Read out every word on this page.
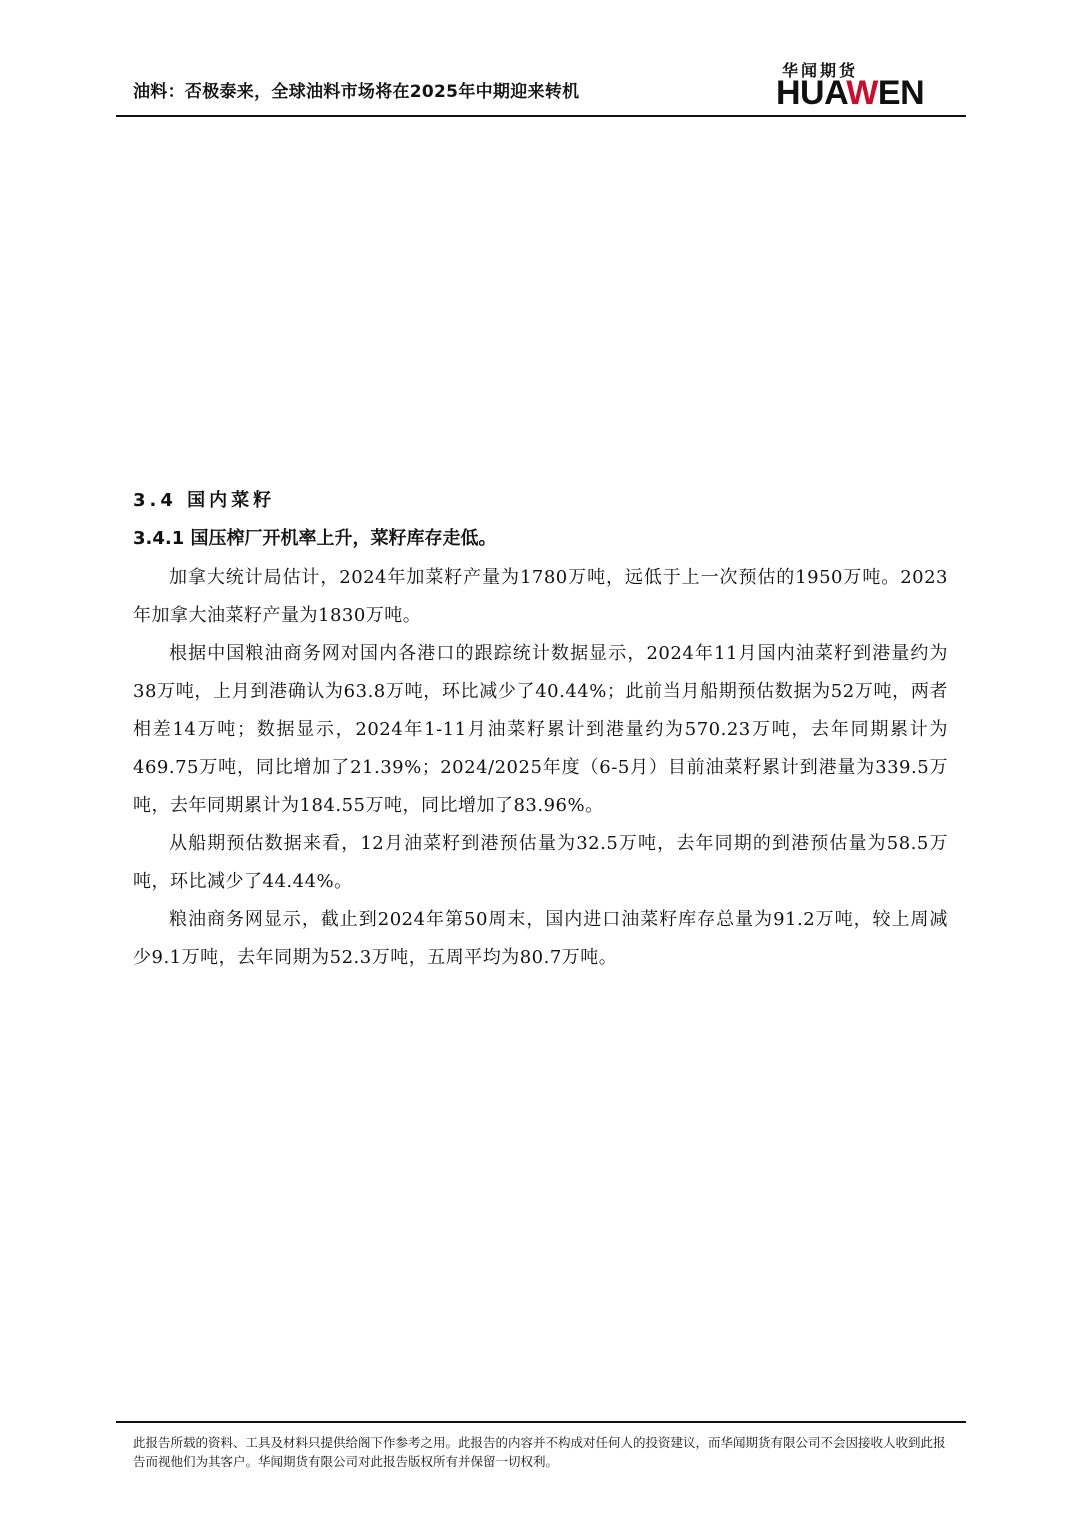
油料：否极泰来，全球油料市场将在2025年中期迎来转机
华闻期货
HUAWEN
3.4 国内菜籽
3.4.1 国压榨厂开机率上升，菜籽库存走低。

加拿大统计局估计，2024年加菜籽产量为1780万吨，远低于上一次预估的1950万吨。2023年加拿大油菜籽产量为1830万吨。

根据中国粮油商务网对国内各港口的跟踪统计数据显示，2024年11月国内油菜籽到港量约为38万吨，上月到港确认为63.8万吨，环比减少了40.44%；此前当月船期预估数据为52万吨，两者相差14万吨；数据显示，2024年1-11月油菜籽累计到港量约为570.23万吨，去年同期累计为469.75万吨，同比增加了21.39%；2024/2025年度（6-5月）目前油菜籽累计到港量为339.5万吨，去年同期累计为184.55万吨，同比增加了83.96%。

从船期预估数据来看，12月油菜籽到港预估量为32.5万吨，去年同期的到港预估量为58.5万吨，环比减少了44.44%。

粮油商务网显示，截止到2024年第50周末，国内进口油菜籽库存总量为91.2万吨，较上周减少9.1万吨，去年同期为52.3万吨，五周平均为80.7万吨。

此报告所载的资料、工具及材料只提供给阁下作参考之用。此报告的内容并不构成对任何人的投资建议，而华闻期货有限公司不会因接收人收到此报告而视他们为其客户。华闻期货有限公司对此报告版权所有并保留一切权利。
